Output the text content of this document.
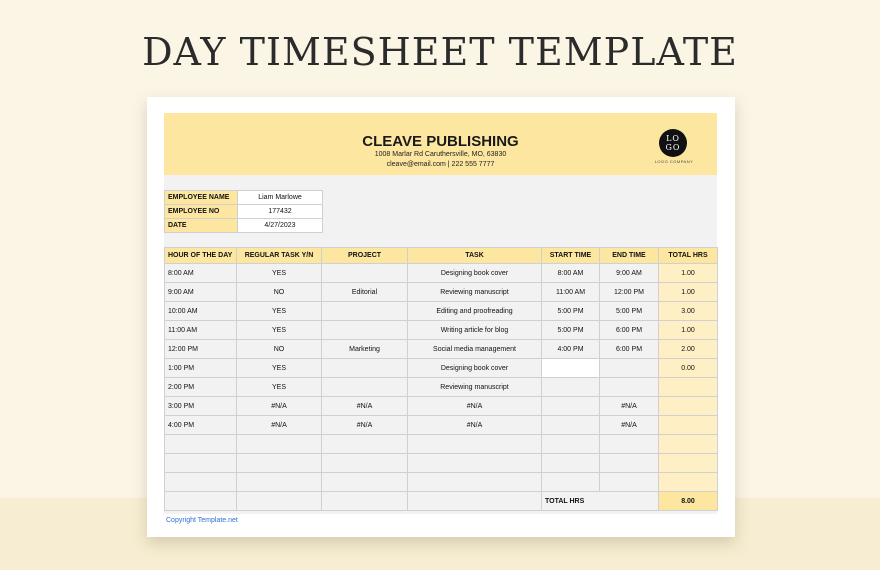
DAY TIMESHEET TEMPLATE
CLEAVE PUBLISHING
1008 Marlar Rd Caruthersville, MO, 63830
cleave@email.com | 222 555 7777
LO
GO
LOGO COMPANY
EMPLOYEE NAME	Liam Marlowe
EMPLOYEE NO	177432
DATE	4/27/2023
HOUR OF THE DAY	REGULAR TASK Y/N	PROJECT	TASK	START TIME	END TIME	TOTAL HRS
8:00 AM	YES		Designing book cover	8:00 AM	9:00 AM	1.00
9:00 AM	NO	Editorial	Reviewing manuscript	11:00 AM	12:00 PM	1.00
10:00 AM	YES		Editing and proofreading	5:00 PM	5:00 PM	3.00
11:00 AM	YES		Writing article for blog	5:00 PM	6:00 PM	1.00
12:00 PM	NO	Marketing	Social media management	4:00 PM	6:00 PM	2.00
1:00 PM	YES		Designing book cover			0.00
2:00 PM	YES		Reviewing manuscript			
3:00 PM	#N/A	#N/A	#N/A		#N/A	
4:00 PM	#N/A	#N/A	#N/A		#N/A	

				TOTAL HRS		8.00
Copyright Template.net
